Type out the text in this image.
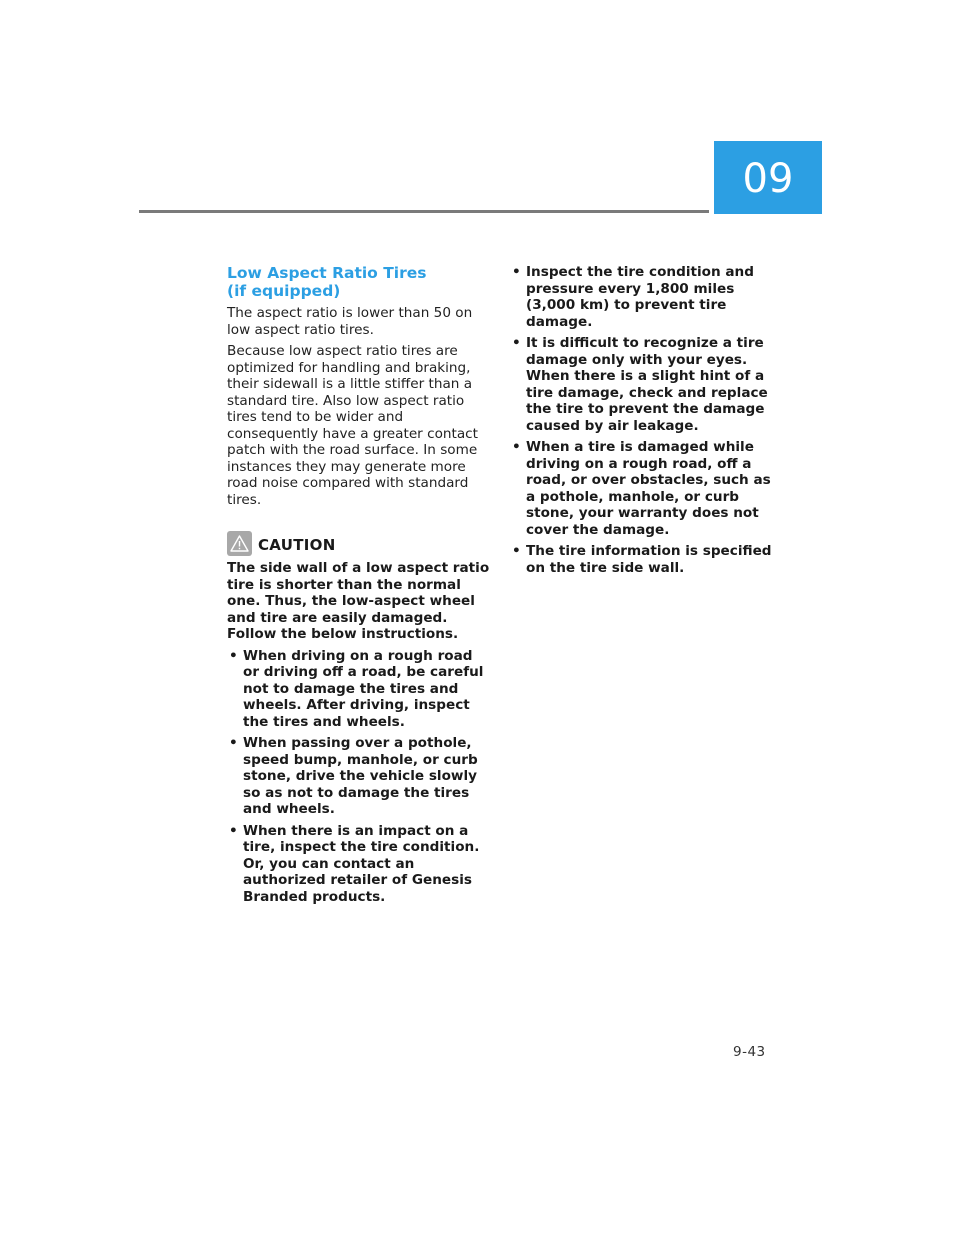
09
Low Aspect Ratio Tires
(if equipped)

The aspect ratio is lower than 50 on low aspect ratio tires.

Because low aspect ratio tires are optimized for handling and braking, their sidewall is a little stiffer than a standard tire. Also low aspect ratio tires tend to be wider and consequently have a greater contact patch with the road surface. In some instances they may generate more road noise compared with standard tires.

CAUTION

The side wall of a low aspect ratio tire is shorter than the normal one. Thus, the low-aspect wheel and tire are easily damaged. Follow the below instructions.

• When driving on a rough road or driving off a road, be careful not to damage the tires and wheels. After driving, inspect the tires and wheels.
• When passing over a pothole, speed bump, manhole, or curb stone, drive the vehicle slowly so as not to damage the tires and wheels.
• When there is an impact on a tire, inspect the tire condition. Or, you can contact an authorized retailer of Genesis Branded products.
• Inspect the tire condition and pressure every 1,800 miles (3,000 km) to prevent tire damage.
• It is difficult to recognize a tire damage only with your eyes. When there is a slight hint of a tire damage, check and replace the tire to prevent the damage caused by air leakage.
• When a tire is damaged while driving on a rough road, off a road, or over obstacles, such as a pothole, manhole, or curb stone, your warranty does not cover the damage.
• The tire information is specified on the tire side wall.
9-43
